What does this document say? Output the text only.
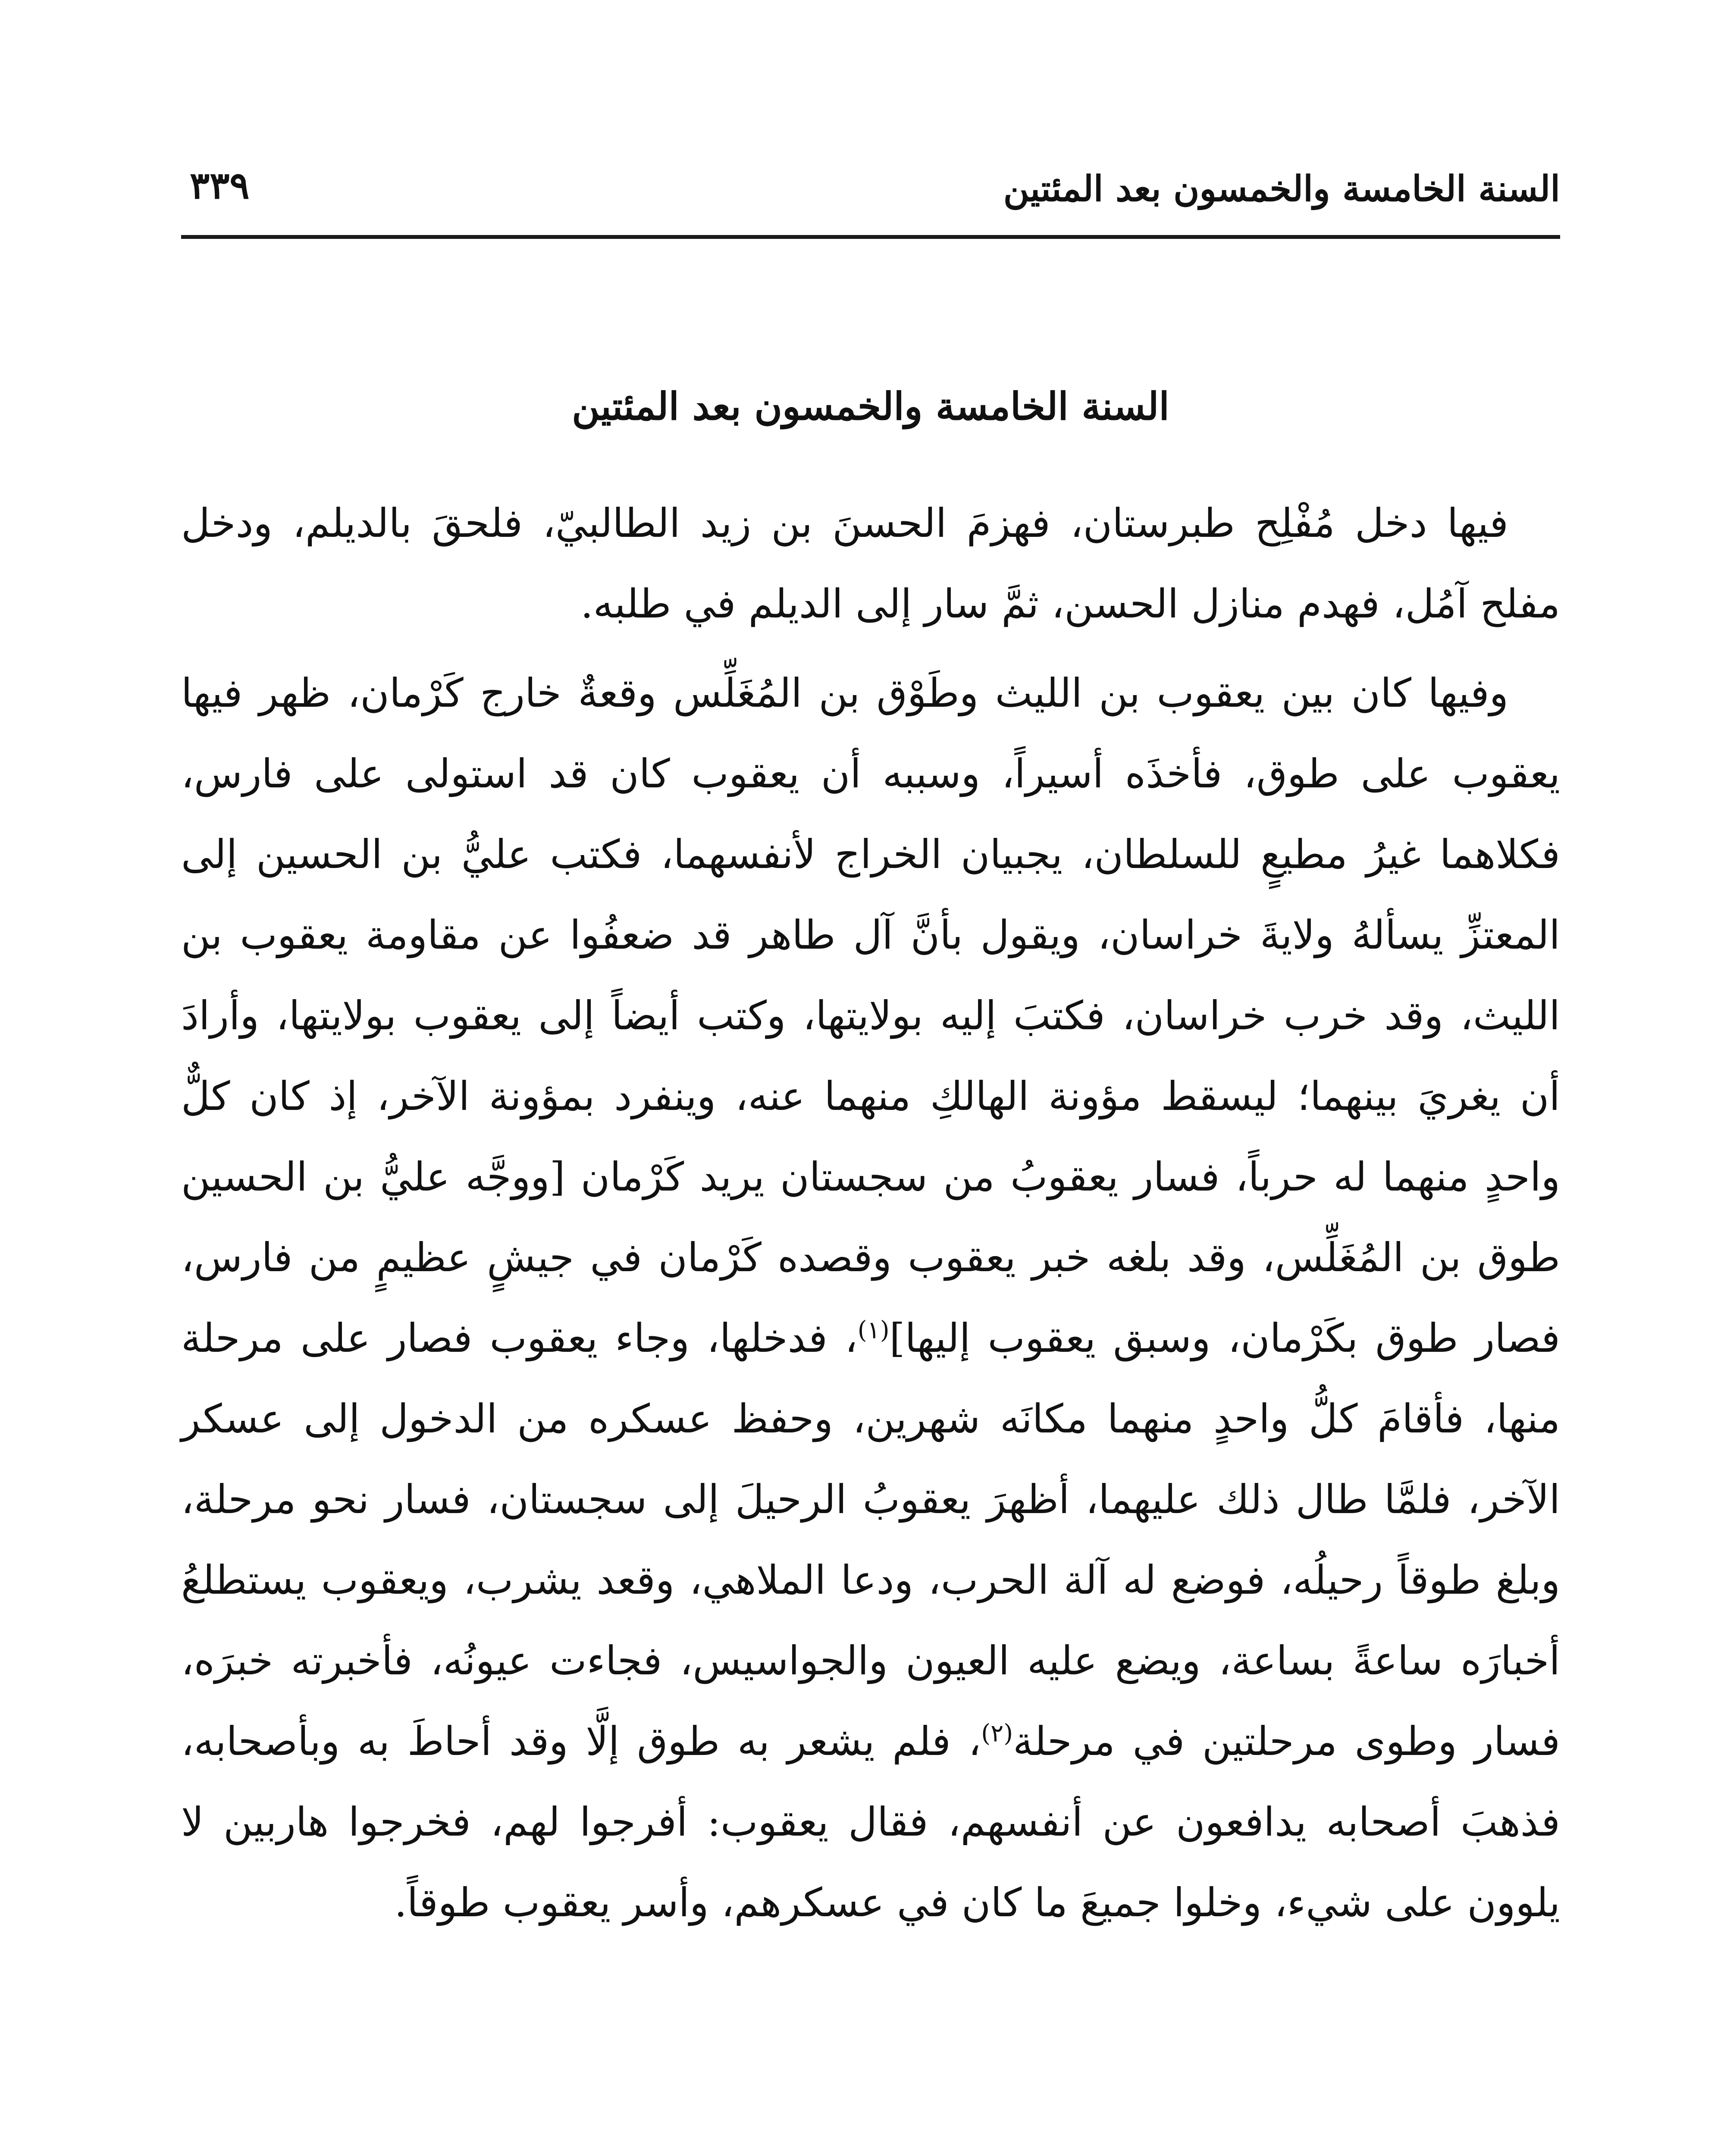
السنة الخامسة والخمسون بعد المئتين
٣٣٩
السنة الخامسة والخمسون بعد المئتين

فيها دخل مُفْلِح طبرستان، فهزمَ الحسنَ بن زيد الطالبيّ، فلحقَ بالديلم، ودخل مفلح آمُل، فهدم منازل الحسن، ثمَّ سار إلى الديلم في طلبه.

وفيها كان بين يعقوب بن الليث وطَوْق بن المُغَلِّس وقعةٌ خارج كَرْمان، ظهر فيها يعقوب على طوق، فأخذَه أسيراً، وسببه أن يعقوب كان قد استولى على فارس، فكلاهما غيرُ مطيعٍ للسلطان، يجبيان الخراج لأنفسهما، فكتب عليُّ بن الحسين إلى المعتزِّ يسألهُ ولايةَ خراسان، ويقول بأنَّ آل طاهر قد ضعفُوا عن مقاومة يعقوب بن الليث، وقد خرب خراسان، فكتبَ إليه بولايتها، وكتب أيضاً إلى يعقوب بولايتها، وأرادَ أن يغريَ بينهما؛ ليسقط مؤونة الهالكِ منهما عنه، وينفرد بمؤونة الآخر، إذ كان كلٌّ واحدٍ منهما له حرباً، فسار يعقوبُ من سجستان يريد كَرْمان [ووجَّه عليُّ بن الحسين طوق بن المُغَلِّس، وقد بلغه خبر يعقوب وقصده كَرْمان في جيشٍ عظيمٍ من فارس، فصار طوق بكَرْمان، وسبق يعقوب إليها]$^{(١)}$، فدخلها، وجاء يعقوب فصار على مرحلة منها، فأقامَ كلُّ واحدٍ منهما مكانَه شهرين، وحفظ عسكره من الدخول إلى عسكر الآخر، فلمَّا طال ذلك عليهما، أظهرَ يعقوبُ الرحيلَ إلى سجستان، فسار نحو مرحلة، وبلغ طوقاً رحيلُه، فوضع له آلة الحرب، ودعا الملاهي، وقعد يشرب، ويعقوب يستطلعُ أخبارَه ساعةً بساعة، ويضع عليه العيون والجواسيس، فجاءت عيونُه، فأخبرته خبرَه، فسار وطوى مرحلتين في مرحلة$^{(٢)}$، فلم يشعر به طوق إلَّا وقد أحاطَ به وبأصحابه، فذهبَ أصحابه يدافعون عن أنفسهم، فقال يعقوب: أفرجوا لهم، فخرجوا هاربين لا يلوون على شيء، وخلوا جميعَ ما كان في عسكرهم، وأسر يعقوب طوقاً.
